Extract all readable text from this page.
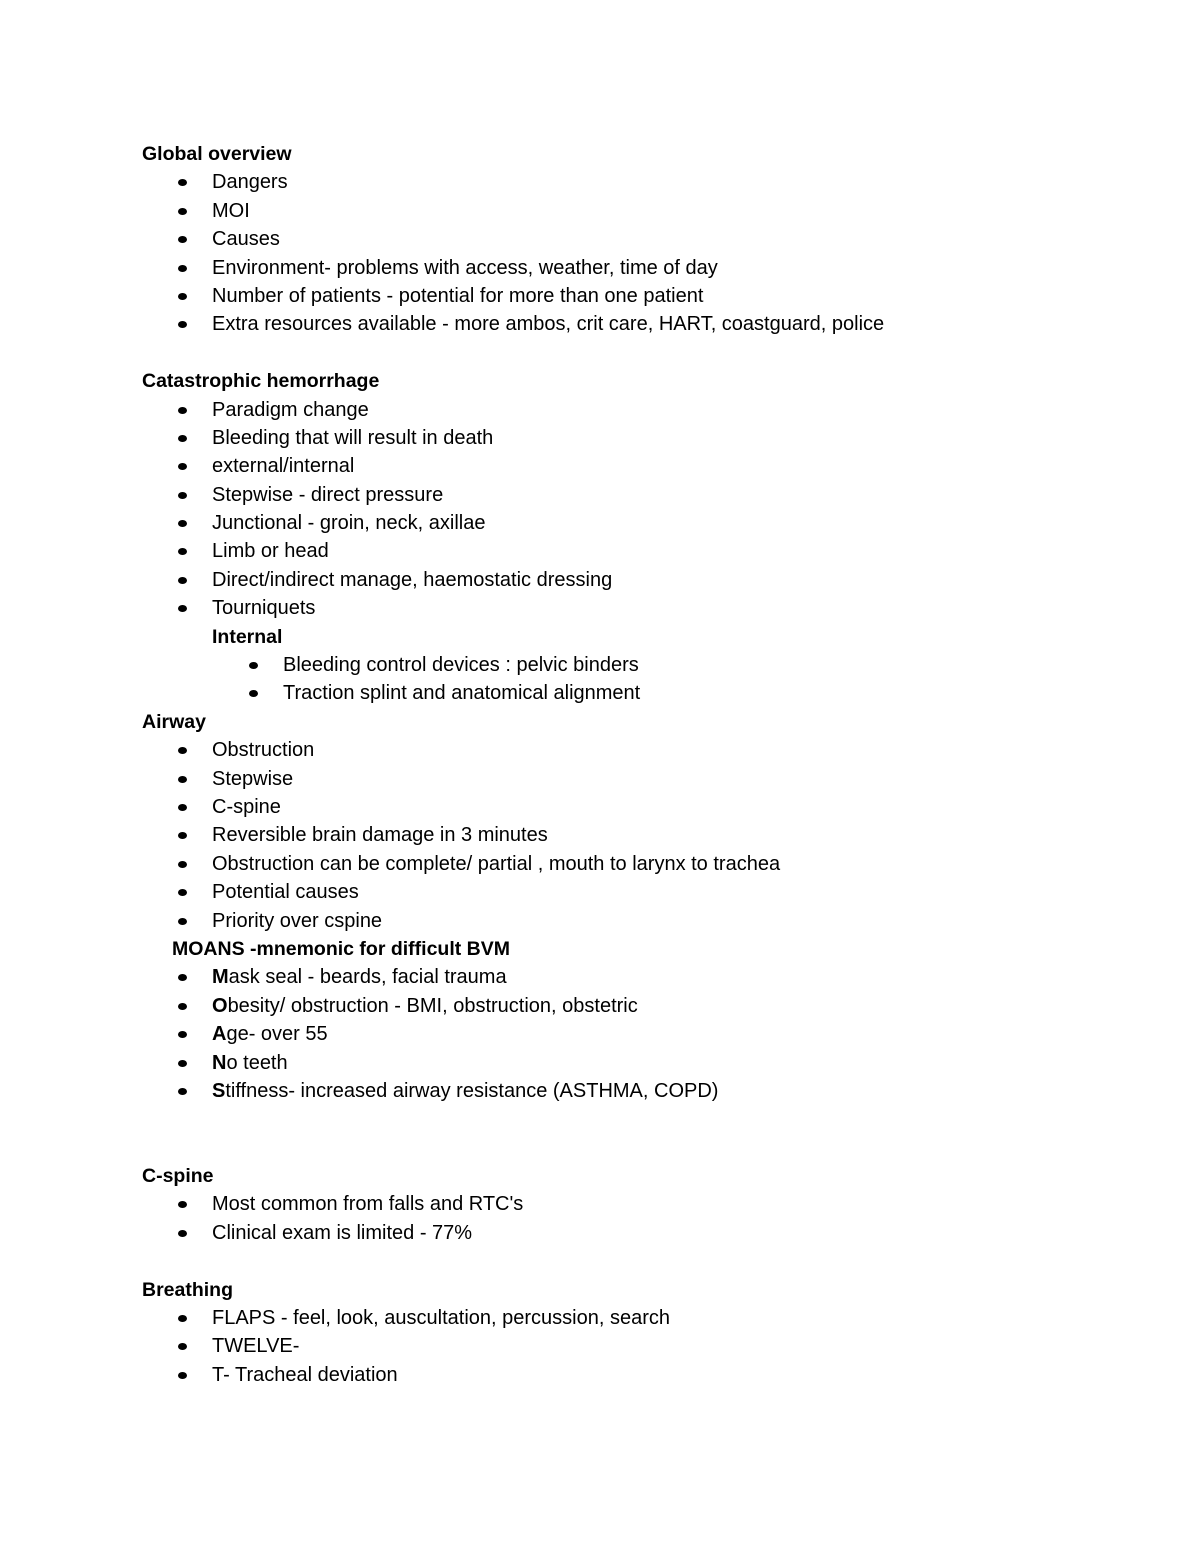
Global overview
Dangers
MOI
Causes
Environment- problems with access, weather, time of day
Number of patients - potential for more than one patient
Extra resources available - more ambos, crit care, HART, coastguard, police
Catastrophic hemorrhage
Paradigm change
Bleeding that will result in death
external/internal
Stepwise - direct pressure
Junctional - groin, neck, axillae
Limb or head
Direct/indirect manage, haemostatic dressing
Tourniquets
Internal
Bleeding control devices : pelvic binders
Traction splint and anatomical alignment
Airway
Obstruction
Stepwise
C-spine
Reversible brain damage in 3 minutes
Obstruction can be complete/ partial , mouth to larynx to trachea
Potential causes
Priority over cspine
MOANS -mnemonic for difficult BVM
Mask seal - beards, facial trauma
Obesity/ obstruction - BMI, obstruction, obstetric
Age- over 55
No teeth
Stiffness- increased airway resistance (ASTHMA, COPD)
C-spine
Most common from falls and RTC's
Clinical exam is limited - 77%
Breathing
FLAPS - feel, look, auscultation, percussion, search
TWELVE-
T- Tracheal deviation
